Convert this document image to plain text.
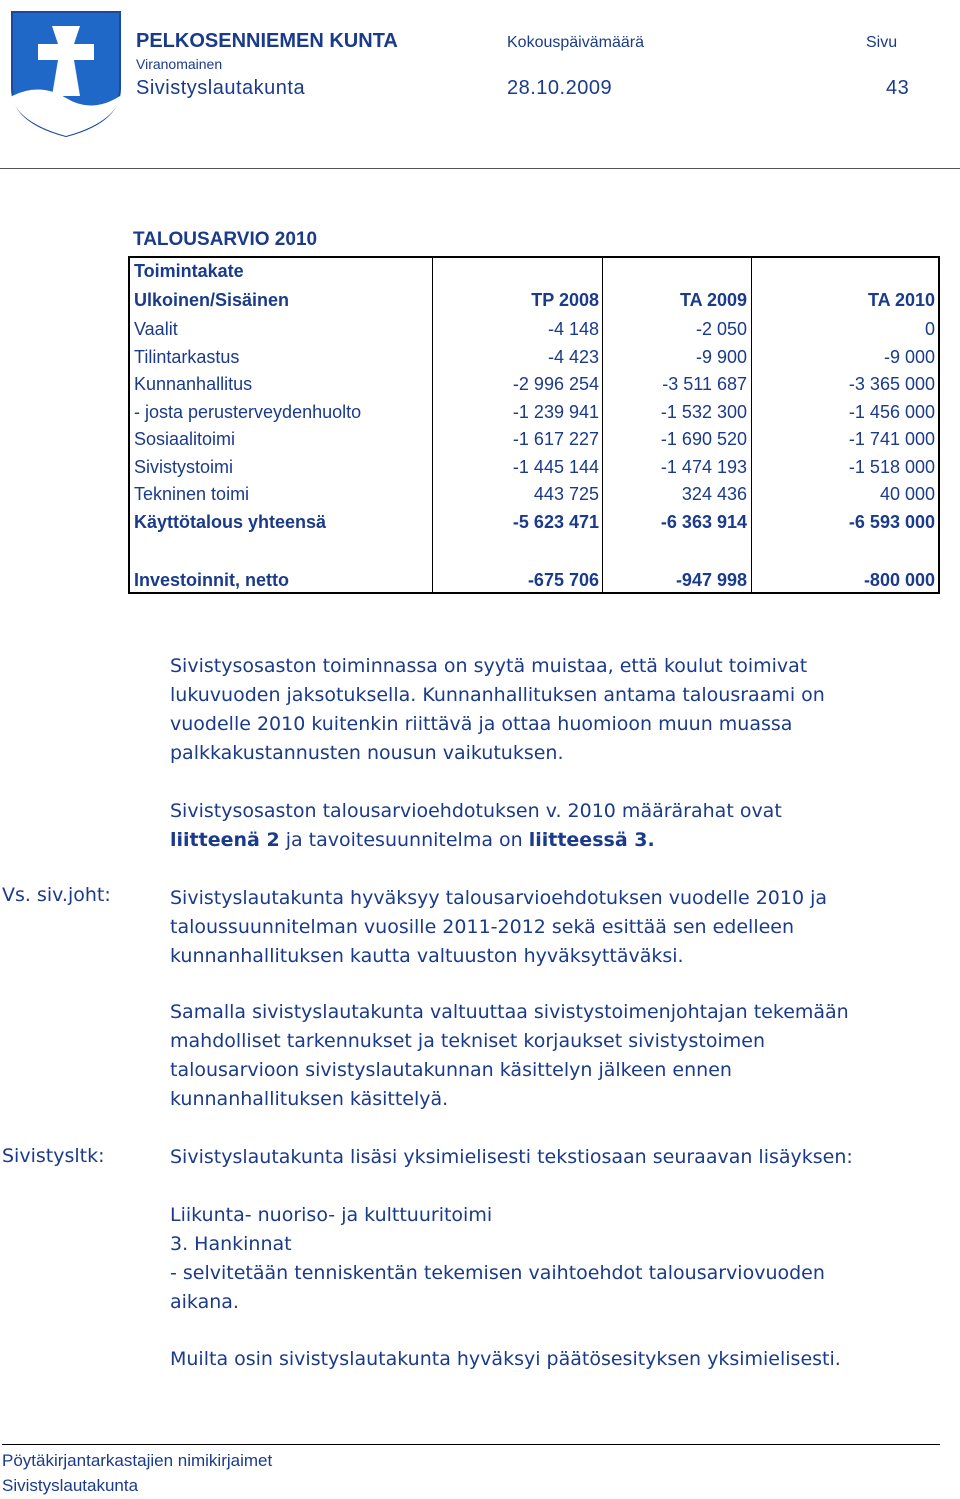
PELKOSENNIEMEN KUNTA	Kokouspäivämäärä	Sivu
Viranomainen
Sivistyslautakunta	28.10.2009	43
TALOUSARVIO 2010
Toimintakate
Ulkoinen/Sisäinen	TP 2008	TA 2009	TA 2010
Vaalit	-4 148	-2 050	0
Tilintarkastus	-4 423	-9 900	-9 000
Kunnanhallitus	-2 996 254	-3 511 687	-3 365 000
- josta perusterveydenhuolto	-1 239 941	-1 532 300	-1 456 000
Sosiaalitoimi	-1 617 227	-1 690 520	-1 741 000
Sivistystoimi	-1 445 144	-1 474 193	-1 518 000
Tekninen toimi	443 725	324 436	40 000
Käyttötalous yhteensä	-5 623 471	-6 363 914	-6 593 000
Investoinnit, netto	-675 706	-947 998	-800 000
Sivistysosaston toiminnassa on syytä muistaa, että koulut toimivat
lukuvuoden jaksotuksella. Kunnanhallituksen antama talousraami on
vuodelle 2010 kuitenkin riittävä ja ottaa huomioon muun muassa
palkkakustannusten nousun vaikutuksen.
Sivistysosaston talousarvioehdotuksen v. 2010 määrärahat ovat
liitteenä 2 ja tavoitesuunnitelma on liitteessä 3.
Vs. siv.joht:	Sivistyslautakunta hyväksyy talousarvioehdotuksen vuodelle 2010 ja
taloussuunnitelman vuosille 2011-2012 sekä esittää sen edelleen
kunnanhallituksen kautta valtuuston hyväksyttäväksi.
Samalla sivistyslautakunta valtuuttaa sivistystoimenjohtajan tekemään
mahdolliset tarkennukset ja tekniset korjaukset sivistystoimen
talousarvioon sivistyslautakunnan käsittelyn jälkeen ennen
kunnanhallituksen käsittelyä.
Sivistysltk:	Sivistyslautakunta lisäsi yksimielisesti tekstiosaan seuraavan lisäyksen:
Liikunta- nuoriso- ja kulttuuritoimi
3. Hankinnat
- selvitetään tenniskentän tekemisen vaihtoehdot talousarviovuoden
aikana.
Muilta osin sivistyslautakunta hyväksyi päätösesityksen yksimielisesti.
Pöytäkirjantarkastajien nimikirjaimet
Sivistyslautakunta
